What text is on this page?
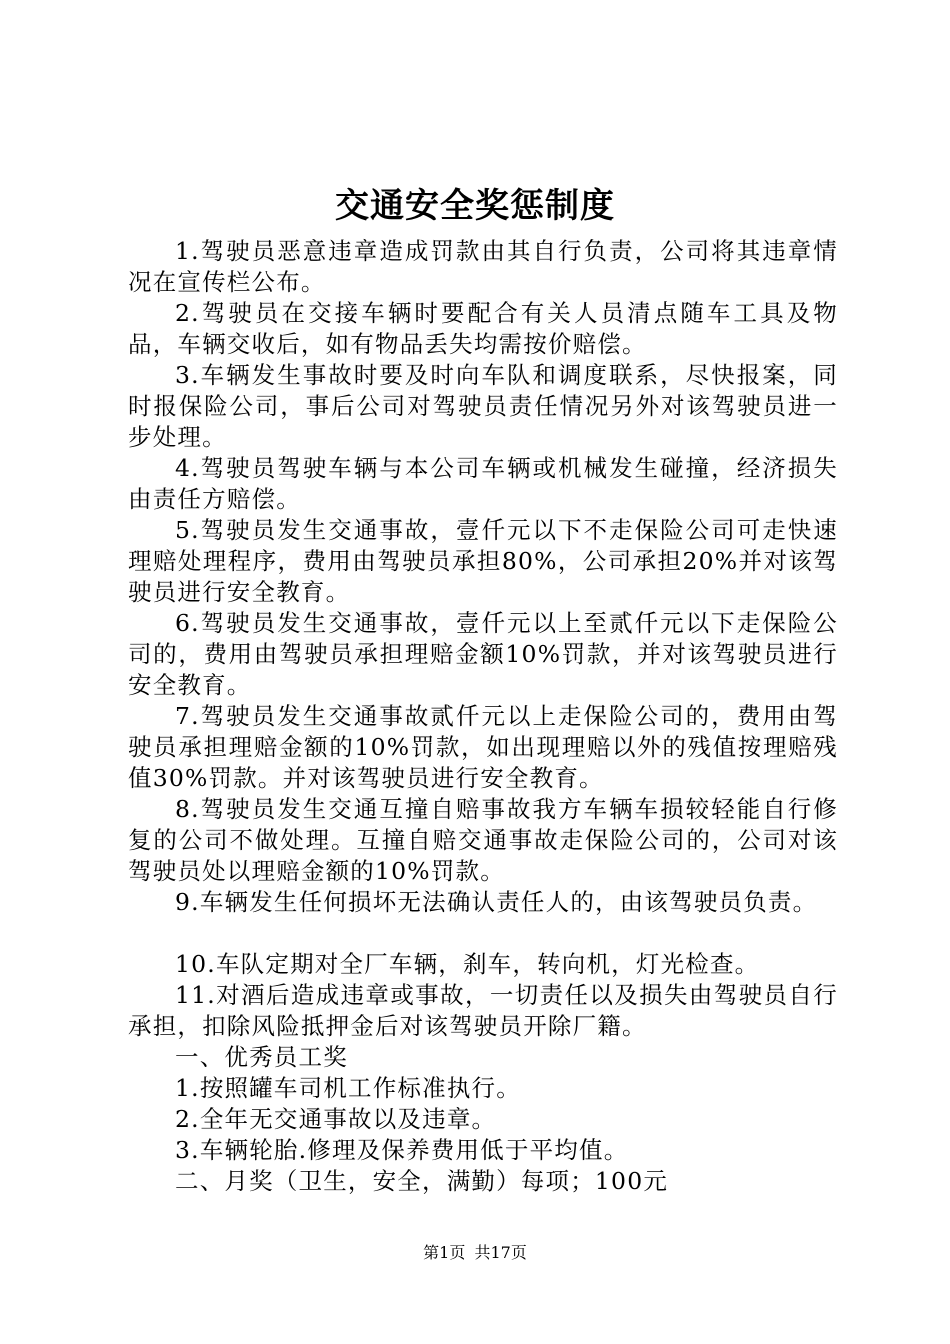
交通安全奖惩制度

1.驾驶员恶意违章造成罚款由其自行负责，公司将其违章情况在宣传栏公布。

2.驾驶员在交接车辆时要配合有关人员清点随车工具及物品，车辆交收后，如有物品丢失均需按价赔偿。

3.车辆发生事故时要及时向车队和调度联系，尽快报案，同时报保险公司，事后公司对驾驶员责任情况另外对该驾驶员进一步处理。

4.驾驶员驾驶车辆与本公司车辆或机械发生碰撞，经济损失由责任方赔偿。

5.驾驶员发生交通事故，壹仟元以下不走保险公司可走快速理赔处理程序，费用由驾驶员承担80%，公司承担20%并对该驾驶员进行安全教育。

6.驾驶员发生交通事故，壹仟元以上至贰仟元以下走保险公司的，费用由驾驶员承担理赔金额10%罚款，并对该驾驶员进行安全教育。

7.驾驶员发生交通事故贰仟元以上走保险公司的，费用由驾驶员承担理赔金额的10%罚款，如出现理赔以外的残值按理赔残值30%罚款。并对该驾驶员进行安全教育。

8.驾驶员发生交通互撞自赔事故我方车辆车损较轻能自行修复的公司不做处理。互撞自赔交通事故走保险公司的，公司对该驾驶员处以理赔金额的10%罚款。

9.车辆发生任何损坏无法确认责任人的，由该驾驶员负责。

10.车队定期对全厂车辆，刹车，转向机，灯光检查。

11.对酒后造成违章或事故，一切责任以及损失由驾驶员自行承担，扣除风险抵押金后对该驾驶员开除厂籍。

一、优秀员工奖

1.按照罐车司机工作标准执行。

2.全年无交通事故以及违章。

3.车辆轮胎.修理及保养费用低于平均值。

二、月奖（卫生，安全，满勤）每项；100元

第1页 共17页
